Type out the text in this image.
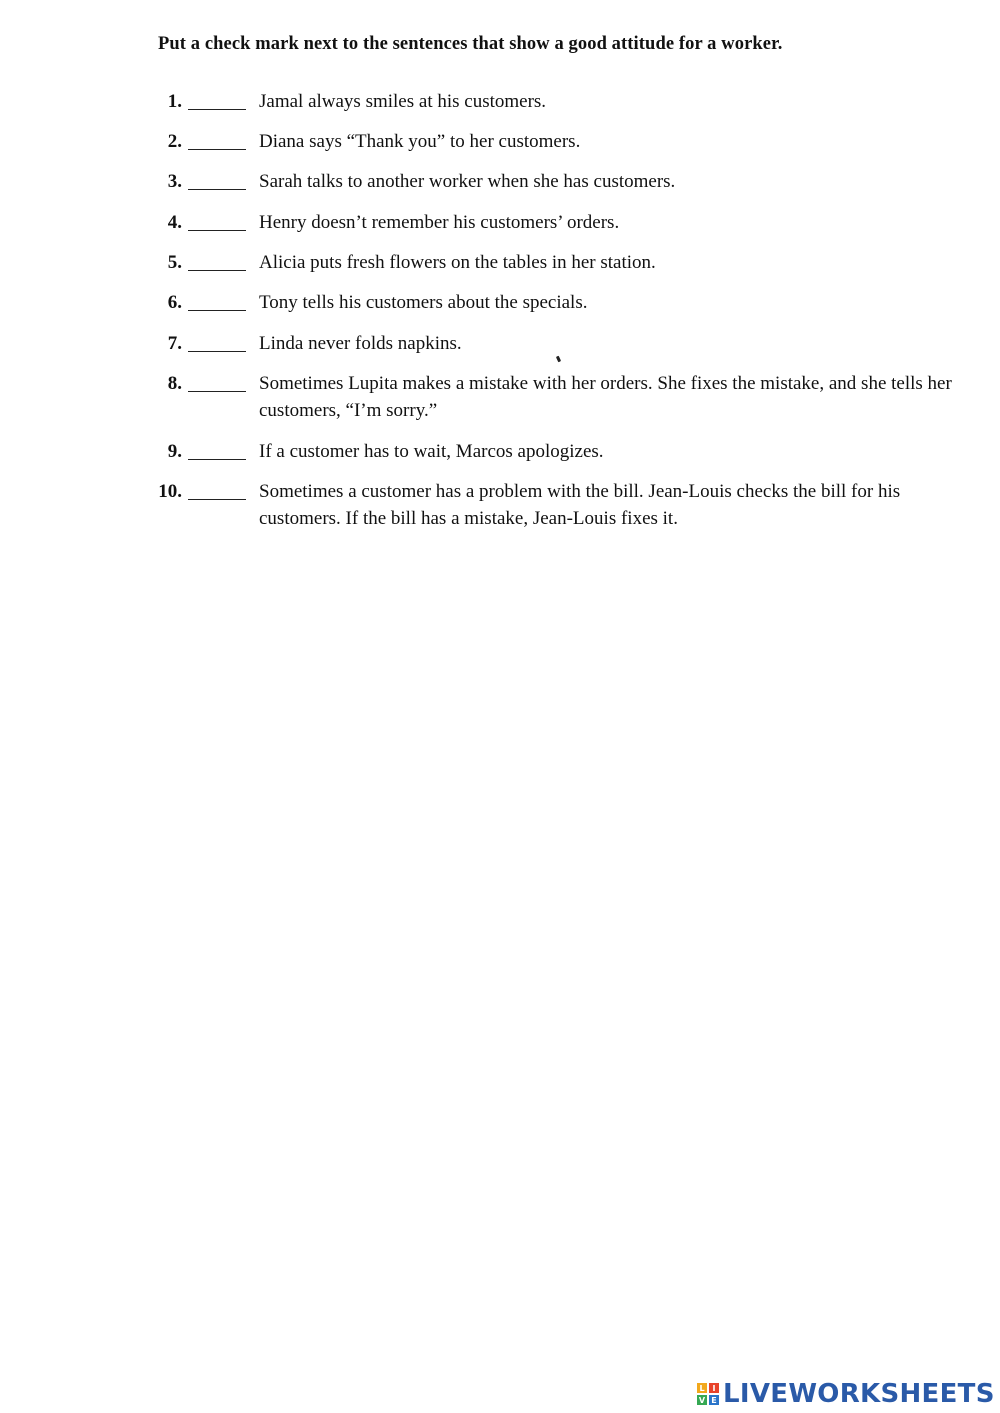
Put a check mark next to the sentences that show a good attitude for a worker.
1.	Jamal always smiles at his customers.
2.	Diana says “Thank you” to her customers.
3.	Sarah talks to another worker when she has customers.
4.	Henry doesn’t remember his customers’ orders.
5.	Alicia puts fresh flowers on the tables in her station.
6.	Tony tells his customers about the specials.
7.	Linda never folds napkins.
8.	Sometimes Lupita makes a mistake with her orders. She fixes the mistake, and she tells her customers, “I’m sorry.”
9.	If a customer has to wait, Marcos apologizes.
10.	Sometimes a customer has a problem with the bill. Jean-Louis checks the bill for his customers. If the bill has a mistake, Jean-Louis fixes it.
L I
V E LIVEWORKSHEETS
